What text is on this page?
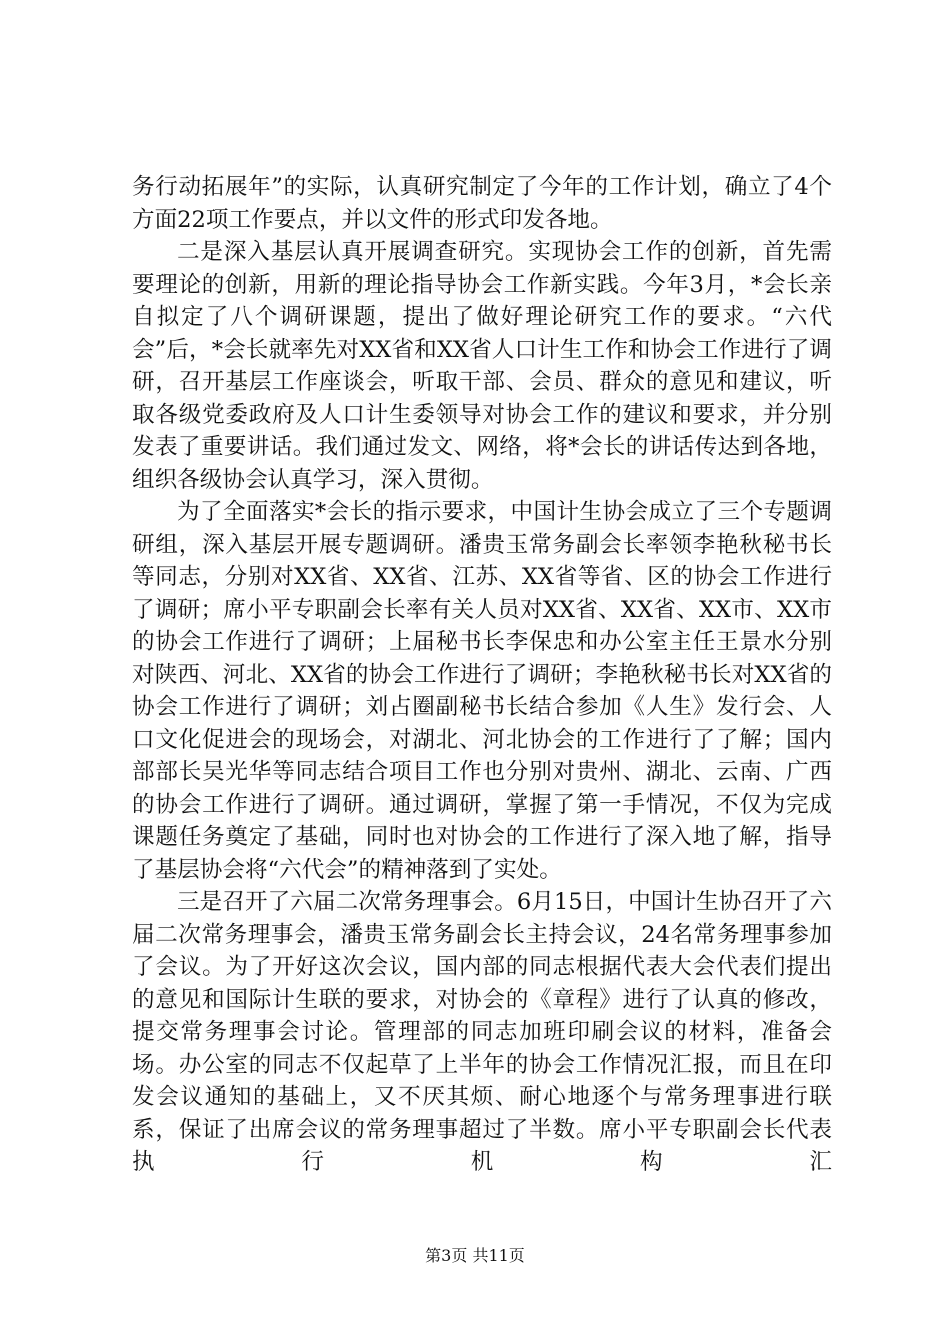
务行动拓展年”的实际，认真研究制定了今年的工作计划，确立了4个方面22项工作要点，并以文件的形式印发各地。

二是深入基层认真开展调查研究。实现协会工作的创新，首先需要理论的创新，用新的理论指导协会工作新实践。今年3月，*会长亲自拟定了八个调研课题，提出了做好理论研究工作的要求。“六代会”后，*会长就率先对XX省和XX省人口计生工作和协会工作进行了调研，召开基层工作座谈会，听取干部、会员、群众的意见和建议，听取各级党委政府及人口计生委领导对协会工作的建议和要求，并分别发表了重要讲话。我们通过发文、网络，将*会长的讲话传达到各地，组织各级协会认真学习，深入贯彻。

为了全面落实*会长的指示要求，中国计生协会成立了三个专题调研组，深入基层开展专题调研。潘贵玉常务副会长率领李艳秋秘书长等同志，分别对XX省、XX省、江苏、XX省等省、区的协会工作进行了调研；席小平专职副会长率有关人员对XX省、XX省、XX市、XX市的协会工作进行了调研；上届秘书长李保忠和办公室主任王景水分别对陕西、河北、XX省的协会工作进行了调研；李艳秋秘书长对XX省的协会工作进行了调研；刘占圈副秘书长结合参加《人生》发行会、人口文化促进会的现场会，对湖北、河北协会的工作进行了了解；国内部部长吴光华等同志结合项目工作也分别对贵州、湖北、云南、广西的协会工作进行了调研。通过调研，掌握了第一手情况，不仅为完成课题任务奠定了基础，同时也对协会的工作进行了深入地了解，指导了基层协会将“六代会”的精神落到了实处。

三是召开了六届二次常务理事会。6月15日，中国计生协召开了六届二次常务理事会，潘贵玉常务副会长主持会议，24名常务理事参加了会议。为了开好这次会议，国内部的同志根据代表大会代表们提出的意见和国际计生联的要求，对协会的《章程》进行了认真的修改，提交常务理事会讨论。管理部的同志加班印刷会议的材料，准备会场。办公室的同志不仅起草了上半年的协会工作情况汇报，而且在印发会议通知的基础上，又不厌其烦、耐心地逐个与常务理事进行联系，保证了出席会议的常务理事超过了半数。席小平专职副会长代表执行机构汇

第3页 共11页
